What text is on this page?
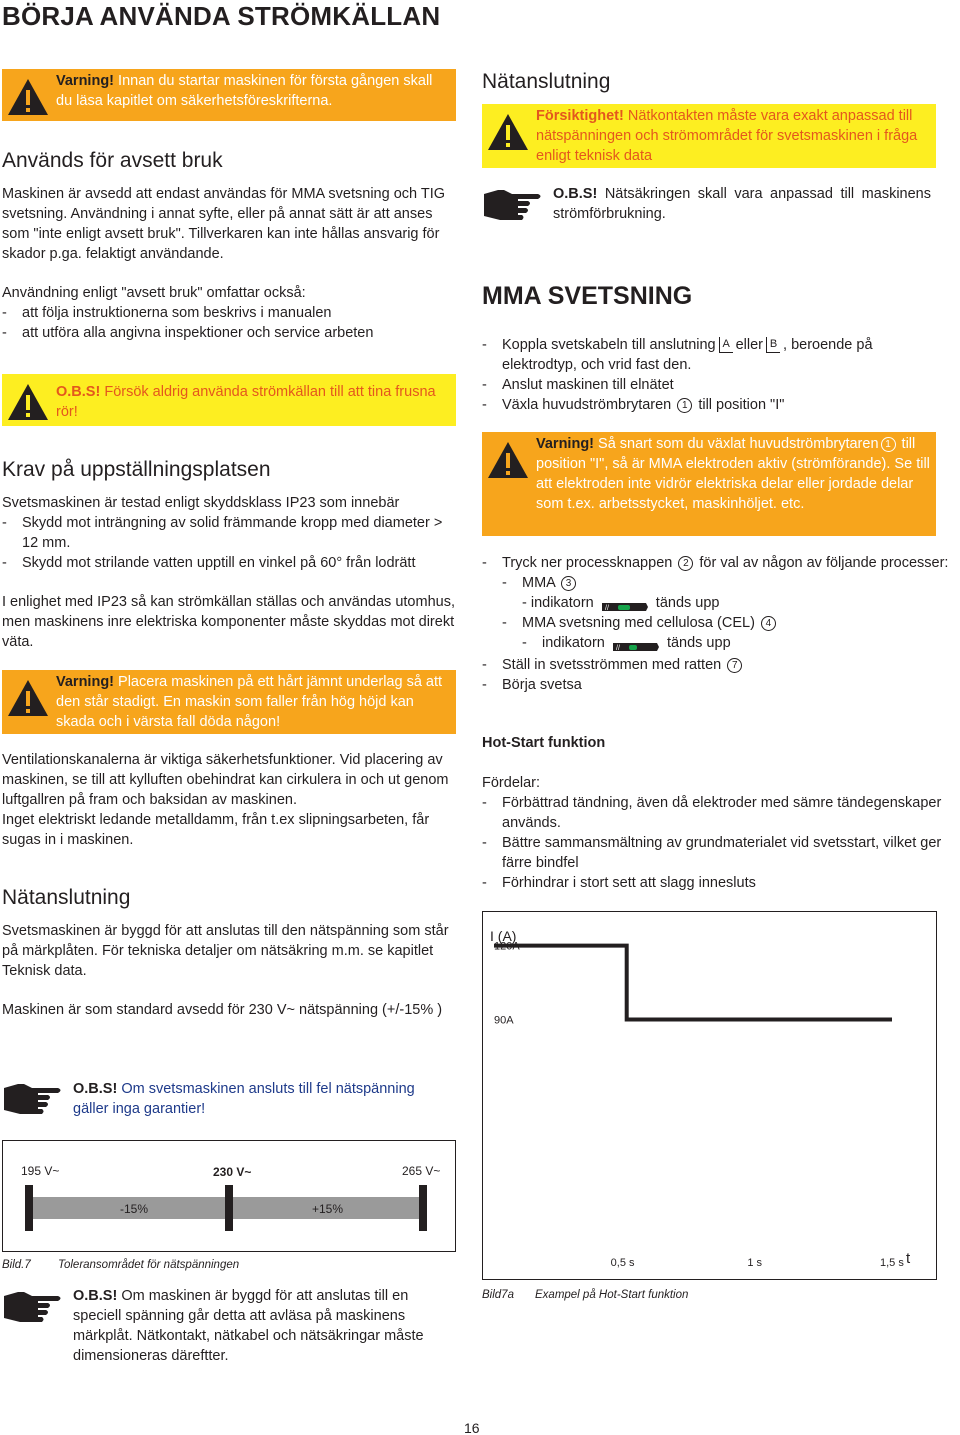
BÖRJA ANVÄNDA STRÖMKÄLLAN
Varning! Innan du startar maskinen för första gången skall du läsa kapitlet om säkerhetsföreskrifterna.
Används för avsett bruk

Maskinen är avsedd att endast användas för MMA svetsning och TIG svetsning. Användning i annat syfte, eller på annat sätt är att anses som "inte enligt avsett bruk". Tillverkaren kan inte hållas ansvarig för skador p.ga. felaktigt användande.

Användning enligt "avsett bruk" omfattar också:

- att följa instruktionerna som beskrivs i manualen
- att utföra alla angivna inspektioner och service arbeten
O.B.S! Försök aldrig använda strömkällan till att tina frusna rör!
Krav på uppställningsplatsen

Svetsmaskinen är testad enligt skyddsklass IP23 som innebär

- Skydd mot inträngning av solid främmande kropp med diameter > 12 mm.
- Skydd mot strilande vatten upptill en vinkel på 60° från lodrätt

I enlighet med IP23 så kan strömkällan ställas och användas utomhus, men maskinens inre elektriska komponenter måste skyddas mot direkt väta.

Varning! Placera maskinen på ett hårt jämnt underlag så att den står stadigt. En maskin som faller från hög höjd kan skada och i värsta fall döda någon!

Ventilationskanalerna är viktiga säkerhetsfunktioner. Vid placering av maskinen, se till att kylluften obehindrat kan cirkulera in och ut genom luftgallren på fram och baksidan av maskinen.

Inget elektriskt ledande metalldamm, från t.ex slipningsarbeten, får sugas in i maskinen.

Nätanslutning

Svetsmaskinen är byggd för att anslutas till den nätspänning som står på märkplåten. För tekniska detaljer om nätsäkring m.m. se kapitlet Teknisk data.

Maskinen är som standard avsedd för 230 V~ nätspänning (+/-15% )

O.B.S! Om svetsmaskinen ansluts till fel nätspänning gäller inga garantier!
195 V~	230 V~	265 V~
-15%	+15%
Bild.7 Toleransområdet för nätspänningen
O.B.S! Om maskinen är byggd för att anslutas till en speciell spänning går detta att avläsa på maskinens märkplåt. Nätkontakt, nätkabel och nätsäkringar måste dimensioneras däreftter.
Nätanslutning
Försiktighet! Nätkontakten måste vara exakt anpassad till nätspänningen och strömområdet för svetsmaskinen i fråga enligt teknisk data
O.B.S! Nätsäkringen skall vara anpassad till maskinens strömförbrukning.
MMA SVETSNING
- Koppla svetskabeln till anslutning A eller B , beroende på elektrodtyp, och vrid fast den.
- Anslut maskinen till elnätet
- Växla huvudströmbrytaren 1 till position "I"
Varning! Så snart som du växlat huvudströmbrytaren 1 till position "I", så är MMA elektroden aktiv (strömförande). Se till att elektroden inte vidrör elektriska delar eller jordade delar som t.ex. arbetsstycket, maskinhöljet. etc.
- Tryck ner processknappen 2 för val av någon av följande processer:
- MMA 3
- indikatorn //	tänds upp
- MMA svetsning med cellulosa (CEL) 4
- indikatorn //
CEL tänds upp
- Ställ in svetsströmmen med ratten 7
- Börja svetsa
Hot-Start funktion

Fördelar:

- Förbättrad tändning, även då elektroder med sämre tändegenskaper används.
- Bättre sammansmältning av grundmaterialet vid svetsstart, vilket ger färre bindfel
- Förhindrar i stort sett att slagg innesluts
I (A)
t
120A
90A
0,5 s	1 s	1,5 s
Bild7a Exampel på Hot-Start funktion
16
